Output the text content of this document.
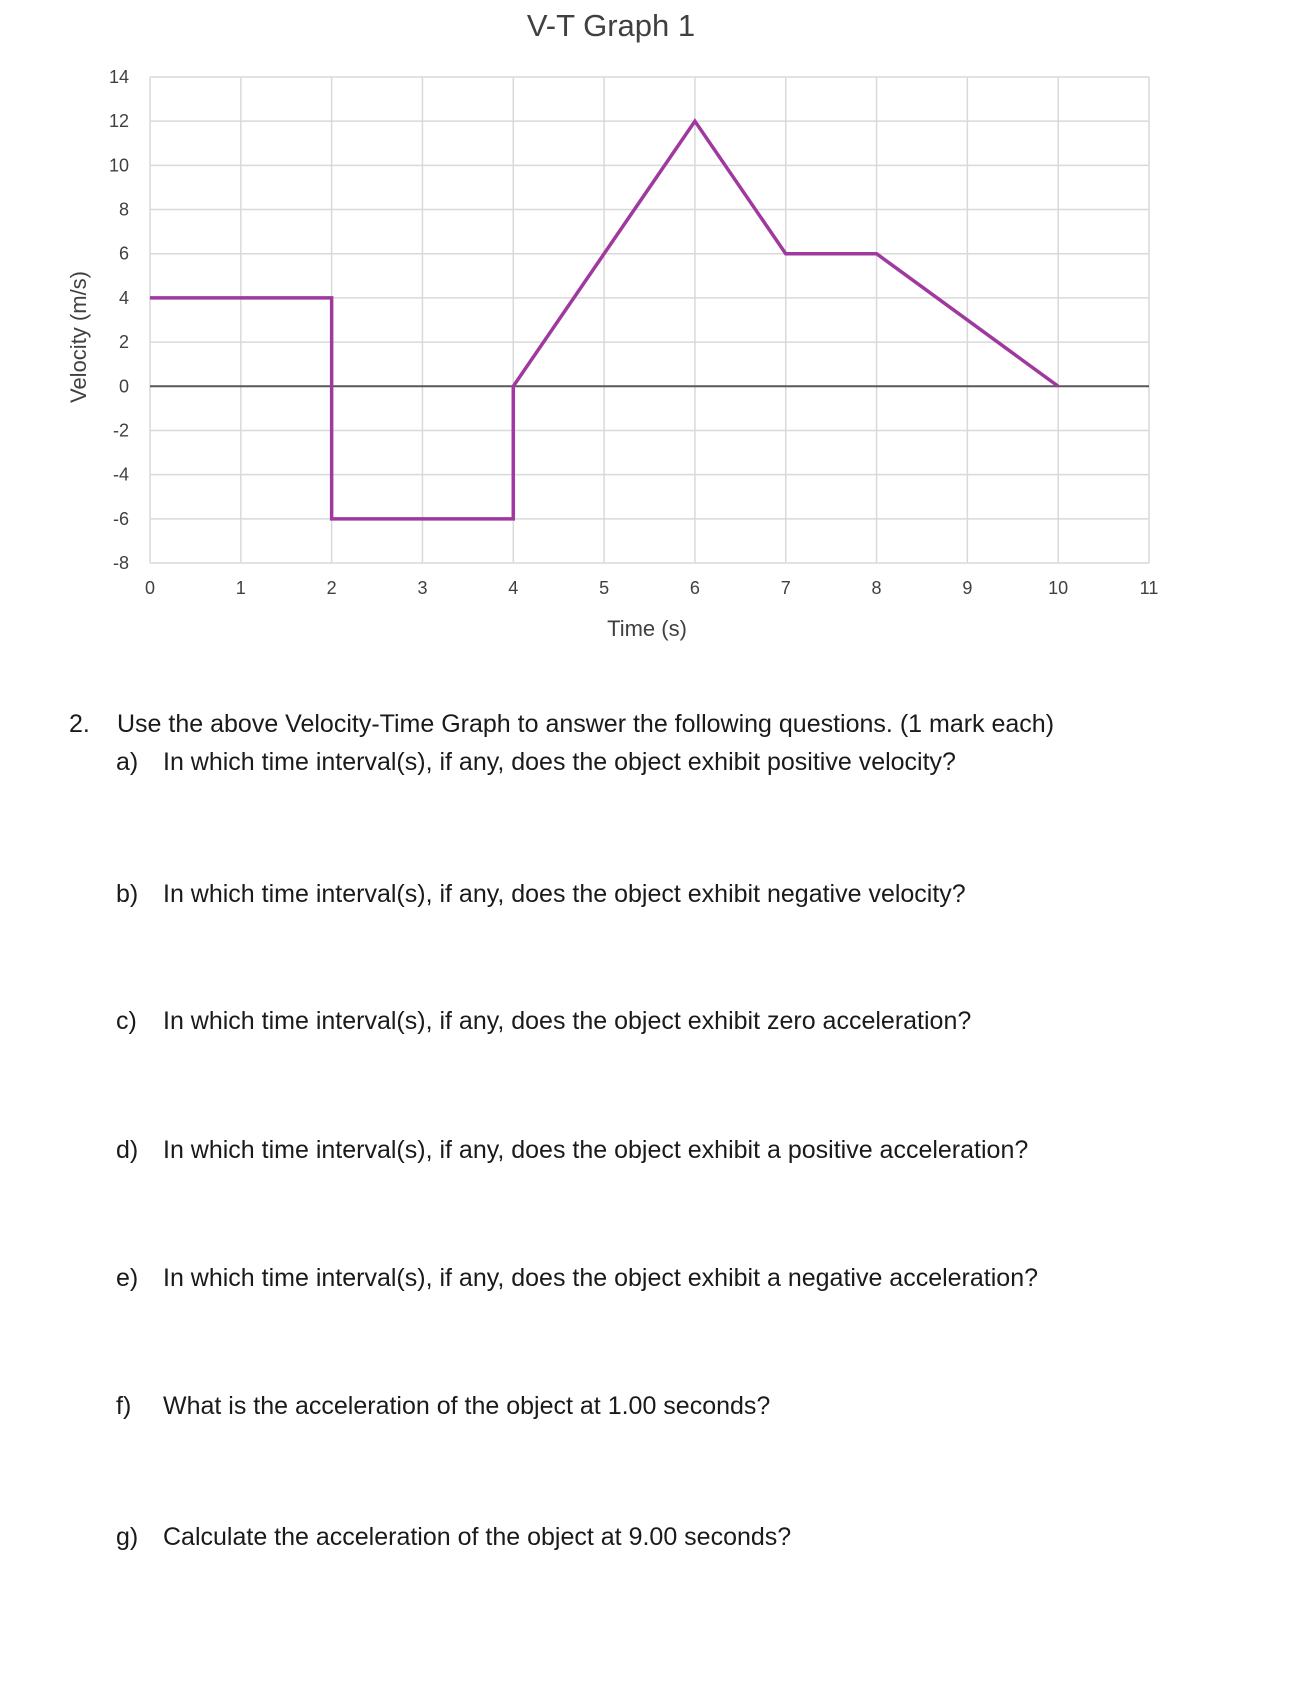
V-T Graph 1
14
12
10
8
6
4
2
0
-2
-4
-6
-8
0	1	2	3	4	5	6	7	8	9	10	11
Time (s)
Velocity (m/s)
2. Use the above Velocity-Time Graph to answer the following questions. (1 mark each)
a) In which time interval(s), if any, does the object exhibit positive velocity?
b) In which time interval(s), if any, does the object exhibit negative velocity?
c) In which time interval(s), if any, does the object exhibit zero acceleration?
d) In which time interval(s), if any, does the object exhibit a positive acceleration?
e) In which time interval(s), if any, does the object exhibit a negative acceleration?
f) What is the acceleration of the object at 1.00 seconds?
g) Calculate the acceleration of the object at 9.00 seconds?
